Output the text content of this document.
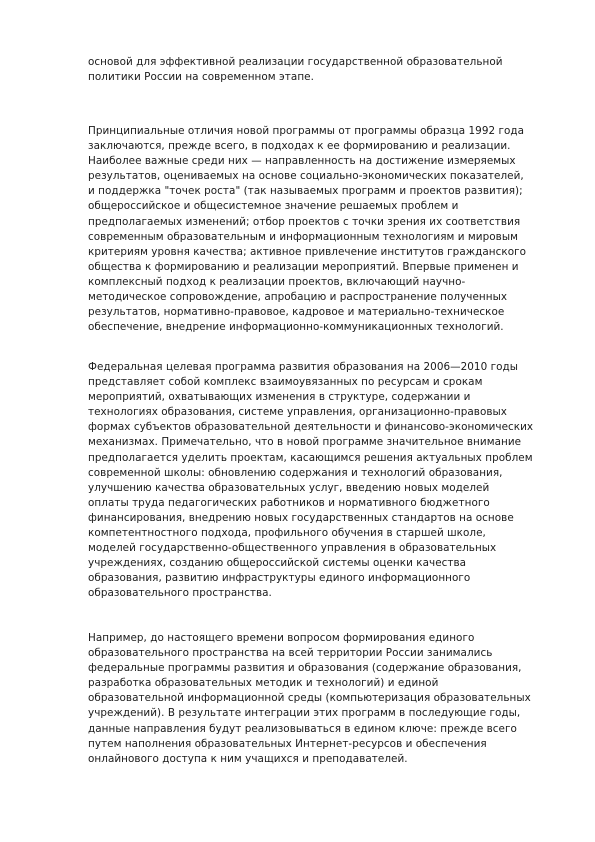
основой для эффективной реализации государственной образовательной
политики России на современном этапе.

Принципиальные отличия новой программы от программы образца 1992 года
заключаются, прежде всего, в подходах к ее формированию и реализации.
Наиболее важные среди них — направленность на достижение измеряемых
результатов, оцениваемых на основе социально-экономических показателей,
и поддержка "точек роста" (так называемых программ и проектов развития);
общероссийское и общесистемное значение решаемых проблем и
предполагаемых изменений; отбор проектов с точки зрения их соответствия
современным образовательным и информационным технологиям и мировым
критериям уровня качества; активное привлечение институтов гражданского
общества к формированию и реализации мероприятий. Впервые применен и
комплексный подход к реализации проектов, включающий научно-
методическое сопровождение, апробацию и распространение полученных
результатов, нормативно-правовое, кадровое и материально-техническое
обеспечение, внедрение информационно-коммуникационных технологий.

Федеральная целевая программа развития образования на 2006—2010 годы
представляет собой комплекс взаимоувязанных по ресурсам и срокам
мероприятий, охватывающих изменения в структуре, содержании и
технологиях образования, системе управления, организационно-правовых
формах субъектов образовательной деятельности и финансово-экономических
механизмах. Примечательно, что в новой программе значительное внимание
предполагается уделить проектам, касающимся решения актуальных проблем
современной школы: обновлению содержания и технологий образования,
улучшению качества образовательных услуг, введению новых моделей
оплаты труда педагогических работников и нормативного бюджетного
финансирования, внедрению новых государственных стандартов на основе
компетентностного подхода, профильного обучения в старшей школе,
моделей государственно-общественного управления в образовательных
учреждениях, созданию общероссийской системы оценки качества
образования, развитию инфраструктуры единого информационного
образовательного пространства.

Например, до настоящего времени вопросом формирования единого
образовательного пространства на всей территории России занимались
федеральные программы развития и образования (содержание образования,
разработка образовательных методик и технологий) и единой
образовательной информационной среды (компьютеризация образовательных
учреждений). В результате интеграции этих программ в последующие годы,
данные направления будут реализовываться в едином ключе: прежде всего
путем наполнения образовательных Интернет-ресурсов и обеспечения
онлайнового доступа к ним учащихся и преподавателей.
